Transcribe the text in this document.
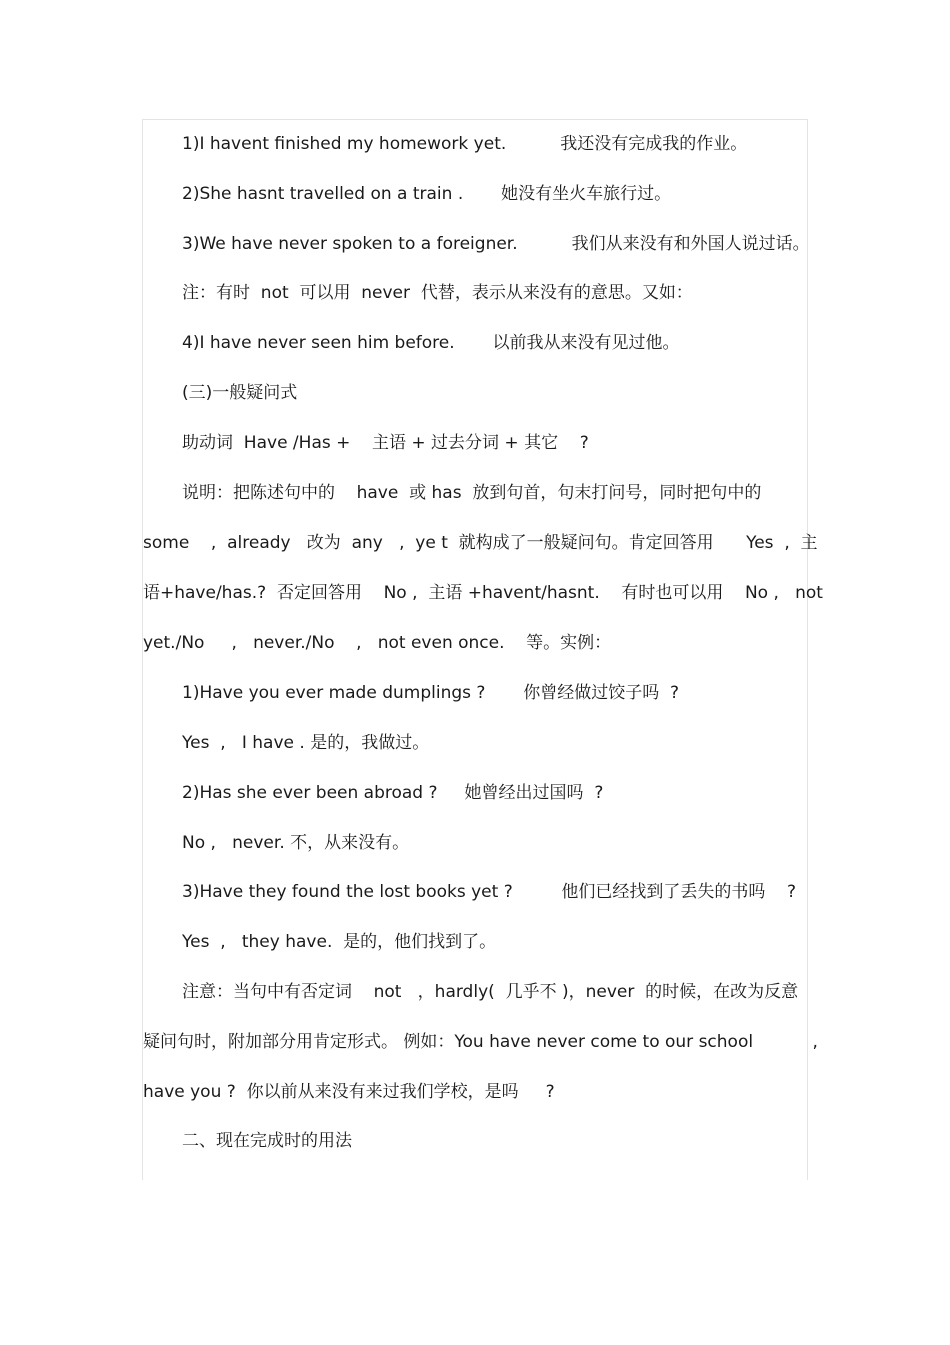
1)I havent finished my homework yet.          我还没有完成我的作业。
2)She hasnt travelled on a train .       她没有坐火车旅行过。
3)We have never spoken to a foreigner.          我们从来没有和外国人说过话。
注：有时  not  可以用  never  代替，表示从来没有的意思。又如：
4)I have never seen him before.       以前我从来没有见过他。
(三)一般疑问式
助动词  Have /Has +    主语 + 过去分词 + 其它    ?
说明：把陈述句中的    have  或 has  放到句首，句末打问号，同时把句中的
some    ,  already   改为  any   ,  ye t  就构成了一般疑问句。肯定回答用      Yes  ,  主
语+have/has.?  否定回答用    No ,  主语 +havent/hasnt.    有时也可以用    No ,   not
yet./No     ,   never./No    ,   not even once.    等。实例：
1)Have you ever made dumplings ?       你曾经做过饺子吗  ?
Yes  ,   I have . 是的，我做过。
2)Has she ever been abroad ?     她曾经出过国吗  ?
No ,   never. 不，从来没有。
3)Have they found the lost books yet ?         他们已经找到了丢失的书吗    ?
Yes  ,   they have.  是的，他们找到了。
注意：当句中有否定词    not   ，hardly(  几乎不 )，never  的时候，在改为反意
疑问句时，附加部分用肯定形式。 例如：You have never come to our school           ,
have you ?  你以前从来没有来过我们学校，是吗     ?
二、现在完成时的用法
